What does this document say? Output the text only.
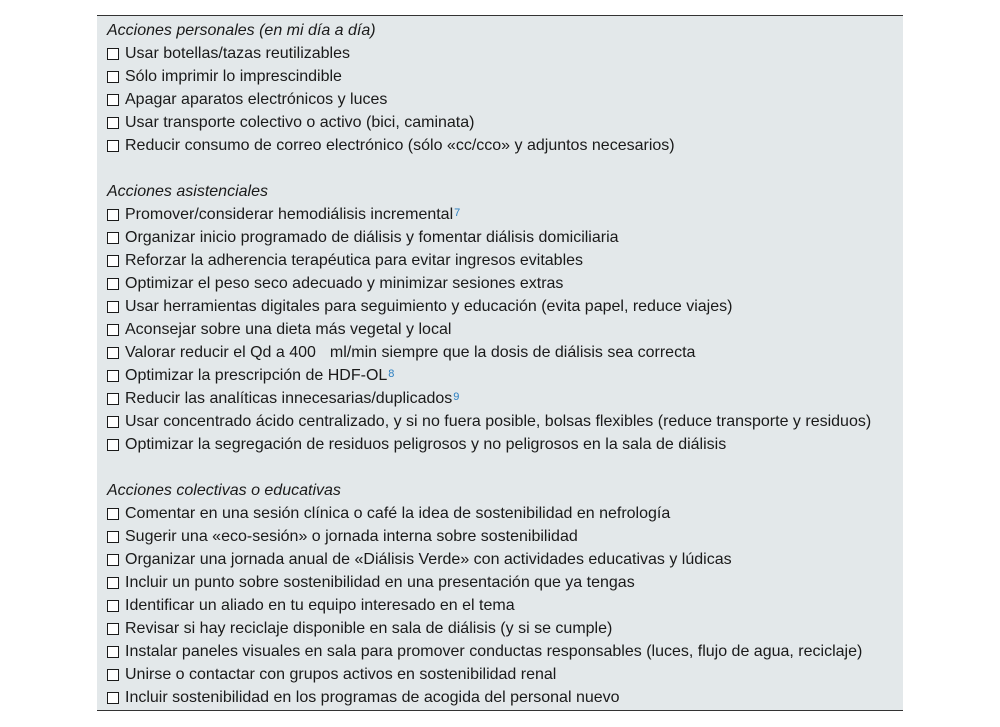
Acciones personales (en mi día a día)
Usar botellas/tazas reutilizables
Sólo imprimir lo imprescindible
Apagar aparatos electrónicos y luces
Usar transporte colectivo o activo (bici, caminata)
Reducir consumo de correo electrónico (sólo «cc/cco» y adjuntos necesarios)
Acciones asistenciales
Promover/considerar hemodiálisis incremental$^7$
Organizar inicio programado de diálisis y fomentar diálisis domiciliaria
Reforzar la adherencia terapéutica para evitar ingresos evitables
Optimizar el peso seco adecuado y minimizar sesiones extras
Usar herramientas digitales para seguimiento y educación (evita papel, reduce viajes)
Aconsejar sobre una dieta más vegetal y local
Valorar reducir el Qd a 400 ml/min siempre que la dosis de diálisis sea correcta
Optimizar la prescripción de HDF-$OL^8$
Reducir las analíticas innecesarias/duplicados$^9$
Usar concentrado ácido centralizado, y si no fuera posible, bolsas flexibles (reduce transporte y residuos)
Optimizar la segregación de residuos peligrosos y no peligrosos en la sala de diálisis
Acciones colectivas o educativas
Comentar en una sesión clínica o café la idea de sostenibilidad en nefrología
Sugerir una «eco-sesión» o jornada interna sobre sostenibilidad
Organizar una jornada anual de «Diálisis Verde» con actividades educativas y lúdicas
Incluir un punto sobre sostenibilidad en una presentación que ya tengas
Identificar un aliado en tu equipo interesado en el tema
Revisar si hay reciclaje disponible en sala de diálisis (y si se cumple)
Instalar paneles visuales en sala para promover conductas responsables (luces, flujo de agua, reciclaje)
Unirse o contactar con grupos activos en sostenibilidad renal
Incluir sostenibilidad en los programas de acogida del personal nuevo
